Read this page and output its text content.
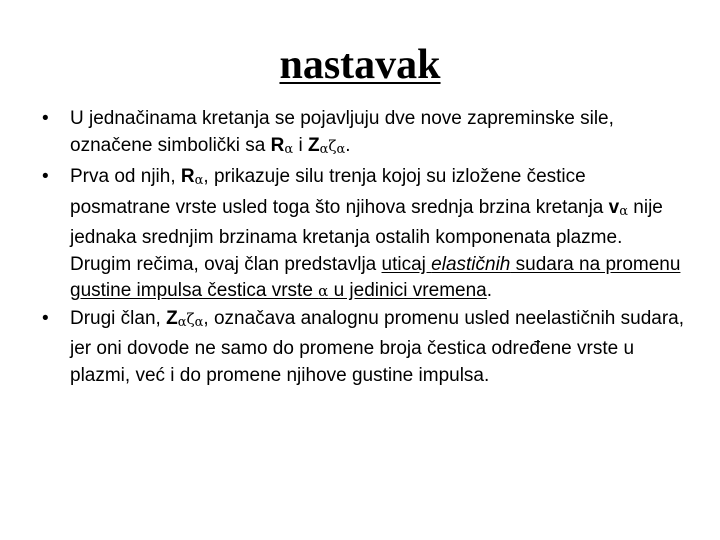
nastavak
• U jednačinama kretanja se pojavljuju dve nove zapreminske sile, označene simbolički sa Rα i Zαζα.
• Prva od njih, Rα, prikazuje silu trenja kojoj su izložene čestice posmatrane vrste usled toga što njihova srednja brzina kretanja vα nije jednaka srednjim brzinama kretanja ostalih komponenata plazme. Drugim rečima, ovaj član predstavlja uticaj elastičnih sudara na promenu gustine impulsa čestica vrste α u jedinici vremena.
• Drugi član, Zαζα, označava analognu promenu usled neelastičnih sudara, jer oni dovode ne samo do promene broja čestica određene vrste u plazmi, već i do promene njihove gustine impulsa.
